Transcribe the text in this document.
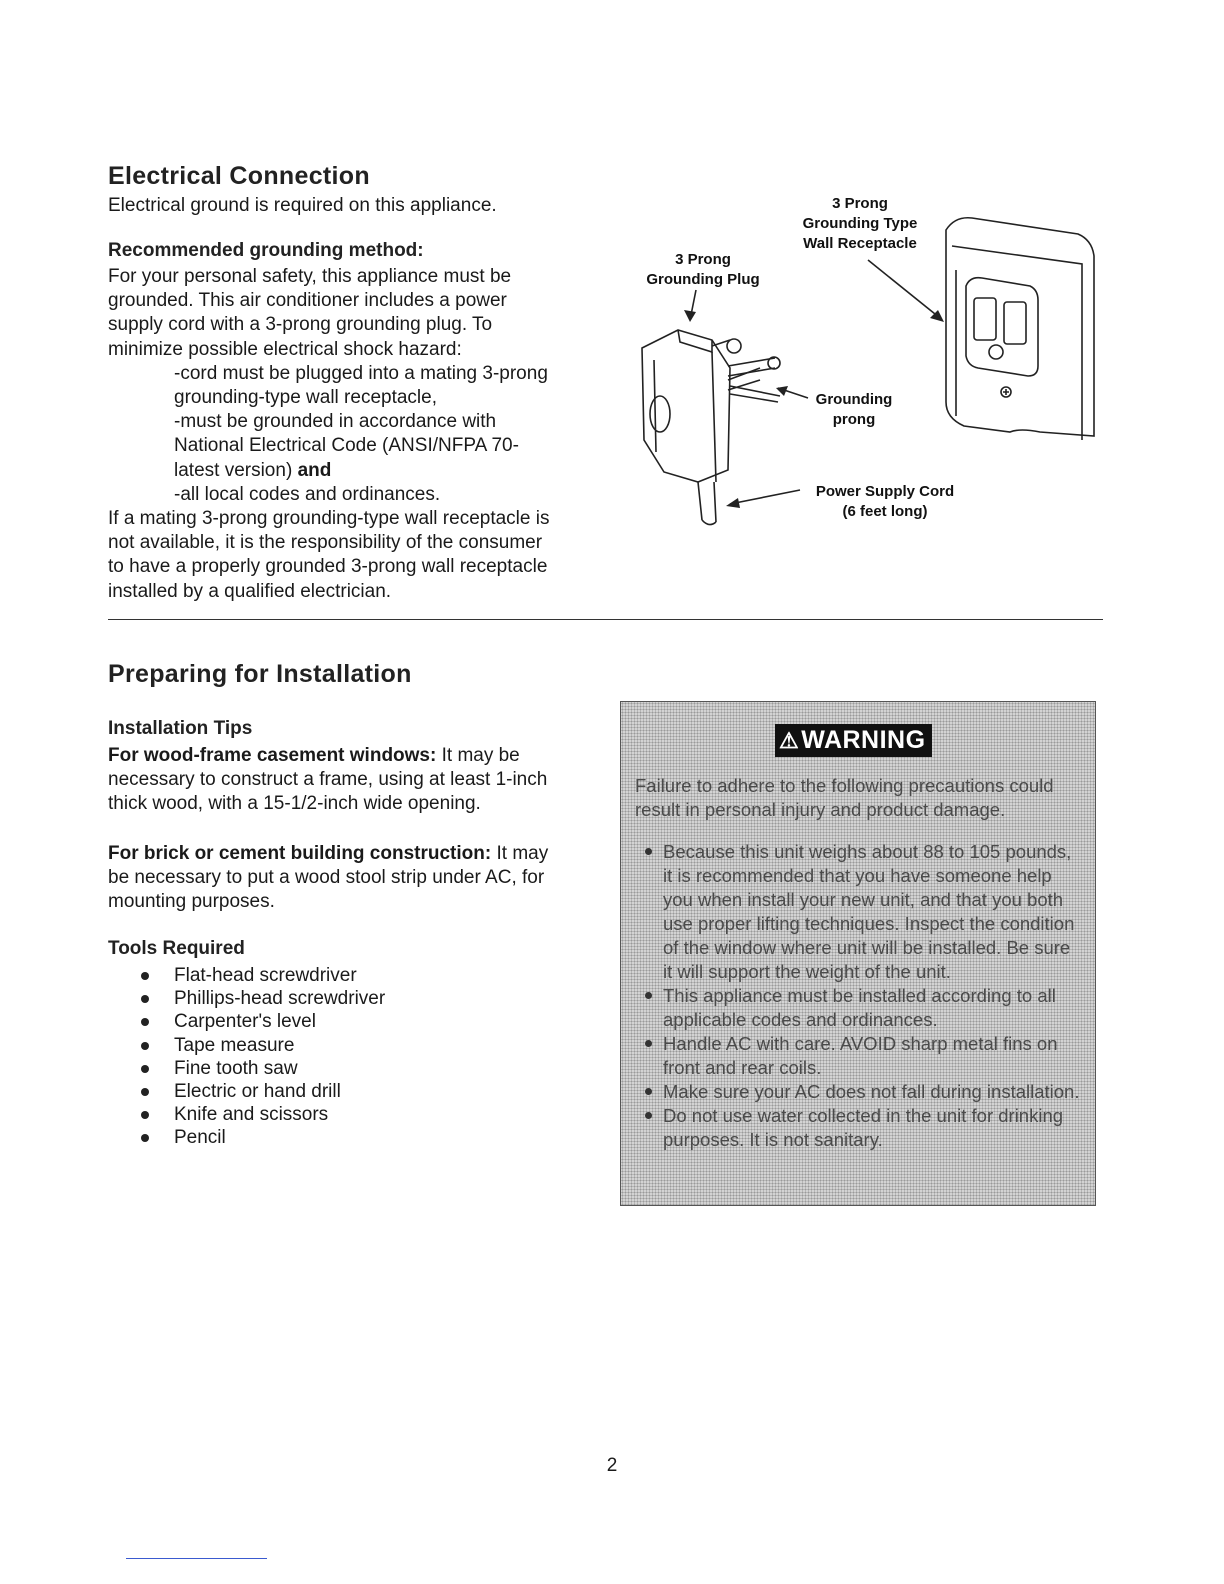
Electrical Connection

Electrical ground is required on this appliance.

Recommended grounding method:
For your personal safety, this appliance must be
grounded. This air conditioner includes a power
supply cord with a 3-prong grounding plug. To
minimize possible electrical shock hazard:
-cord must be plugged into a mating 3-prong
grounding-type wall receptacle,
-must be grounded in accordance with
National Electrical Code (ANSI/NFPA 70-
latest version) and
-all local codes and ordinances.
If a mating 3-prong grounding-type wall receptacle is
not available, it is the responsibility of the consumer
to have a properly grounded 3-prong wall receptacle
installed by a qualified electrician.
3 Prong
Grounding Type
Wall Receptacle
3 Prong
Grounding Plug
Grounding
prong
Power Supply Cord
(6 feet long)
Preparing for Installation
Installation Tips
For wood-frame casement windows: It may be
necessary to construct a frame, using at least 1-inch
thick wood, with a 15-1/2-inch wide opening.
For brick or cement building construction: It may
be necessary to put a wood stool strip under AC, for
mounting purposes.
Tools Required
Flat-head screwdriver
Phillips-head screwdriver
Carpenter's level
Tape measure
Fine tooth saw
Electric or hand drill
Knife and scissors
Pencil
⚠WARNING
Failure to adhere to the following precautions could
result in personal injury and product damage.
Because this unit weighs about 88 to 105 pounds,
it is recommended that you have someone help
you when install your new unit, and that you both
use proper lifting techniques. Inspect the condition
of the window where unit will be installed. Be sure
it will support the weight of the unit.
This appliance must be installed according to all
applicable codes and ordinances.
Handle AC with care. AVOID sharp metal fins on
front and rear coils.
Make sure your AC does not fall during installation.
Do not use water collected in the unit for drinking
purposes. It is not sanitary.
2
